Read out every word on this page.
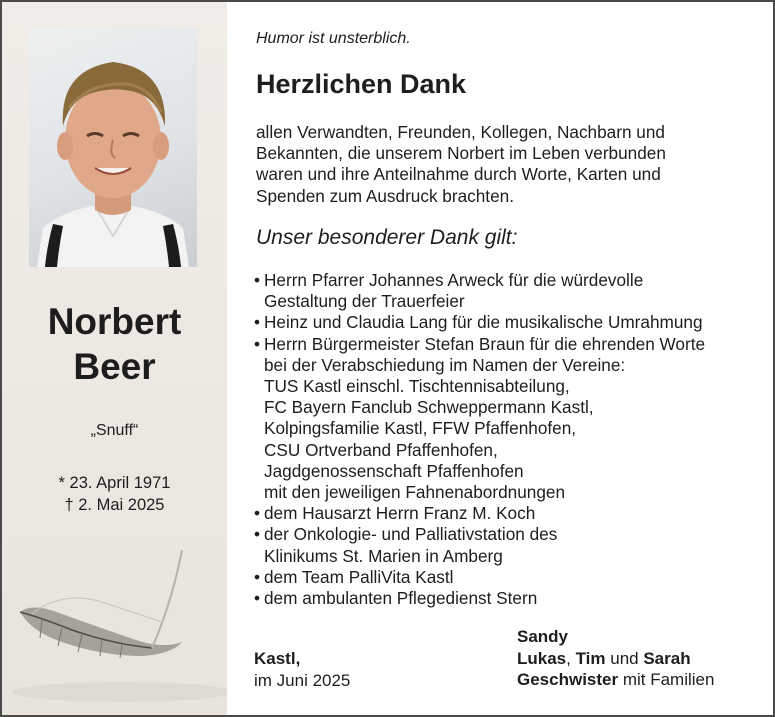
Norbert
Beer
„Snuff“
* 23. April 1971
† 2. Mai 2025
Humor ist unsterblich.
Herzlichen Dank

allen Verwandten, Freunden, Kollegen, Nachbarn und
Bekannten, die unserem Norbert im Leben verbunden
waren und ihre Anteilnahme durch Worte, Karten und
Spenden zum Ausdruck brachten.

Unser besonderer Dank gilt:
• Herrn Pfarrer Johannes Arweck für die würdevolle
Gestaltung der Trauerfeier
• Heinz und Claudia Lang für die musikalische Umrahmung
• Herrn Bürgermeister Stefan Braun für die ehrenden Worte
bei der Verabschiedung im Namen der Vereine:
TUS Kastl einschl. Tischtennisabteilung,
FC Bayern Fanclub Schweppermann Kastl,
Kolpingsfamilie Kastl, FFW Pfaffenhofen,
CSU Ortverband Pfaffenhofen,
Jagdgenossenschaft Pfaffenhofen
mit den jeweiligen Fahnenabordnungen
• dem Hausarzt Herrn Franz M. Koch
• der Onkologie- und Palliativstation des
Klinikums St. Marien in Amberg
• dem Team PalliVita Kastl
• dem ambulanten Pflegedienst Stern
Kastl,
im Juni 2025
Sandy
Lukas, Tim und Sarah
Geschwister mit Familien
